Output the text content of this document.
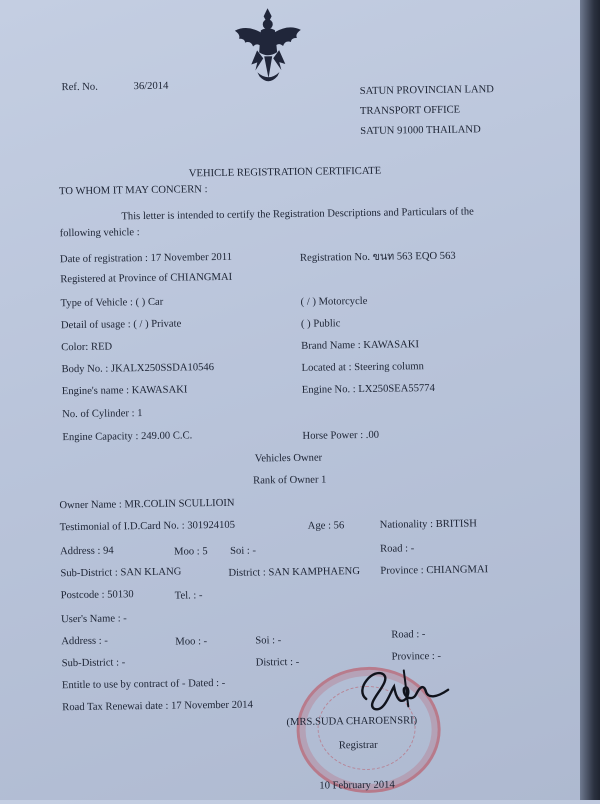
Ref. No.	36/2014	SATUN PROVINCIAN LAND
TRANSPORT OFFICE
SATUN 91000 THAILAND
VEHICLE REGISTRATION CERTIFICATE
TO WHOM IT MAY CONCERN :
This letter is intended to certify the Registration Descriptions and Particulars of the
following vehicle :
Date of registration : 17 November 2011	Registration No. ขนท 563 EQO 563
Registered at Province of CHIANGMAI
Type of Vehicle : ( ) Car	( / ) Motorcycle
Detail of usage : ( / ) Private	( ) Public
Color: RED	Brand Name : KAWASAKI
Body No. : JKALX250SSDA10546	Located at : Steering column
Engine's name : KAWASAKI	Engine No. : LX250SEA55774
No. of Cylinder : 1
Engine Capacity : 249.00 C.C.	Horse Power : .00
Vehicles Owner
Rank of Owner 1
Owner Name : MR.COLIN SCULLIOIN
Testimonial of I.D.Card No. : 301924105	Age : 56	Nationality : BRITISH
Address : 94	Moo : 5 Soi : -	Road : -
Sub-District : SAN KLANG	District : SAN KAMPHAENG Province : CHIANGMAI
Postcode : 50130	Tel. : -
User's Name : -
Address : -	Moo : -	Soi : -
Road : -
Sub-District : -	District : -
Province : -
Entitle to use by contract of - Dated : -
Road Tax Renewai date : 17 November 2014
(MRS.SUDA CHAROENSRI)
Registrar
10 February 2014
